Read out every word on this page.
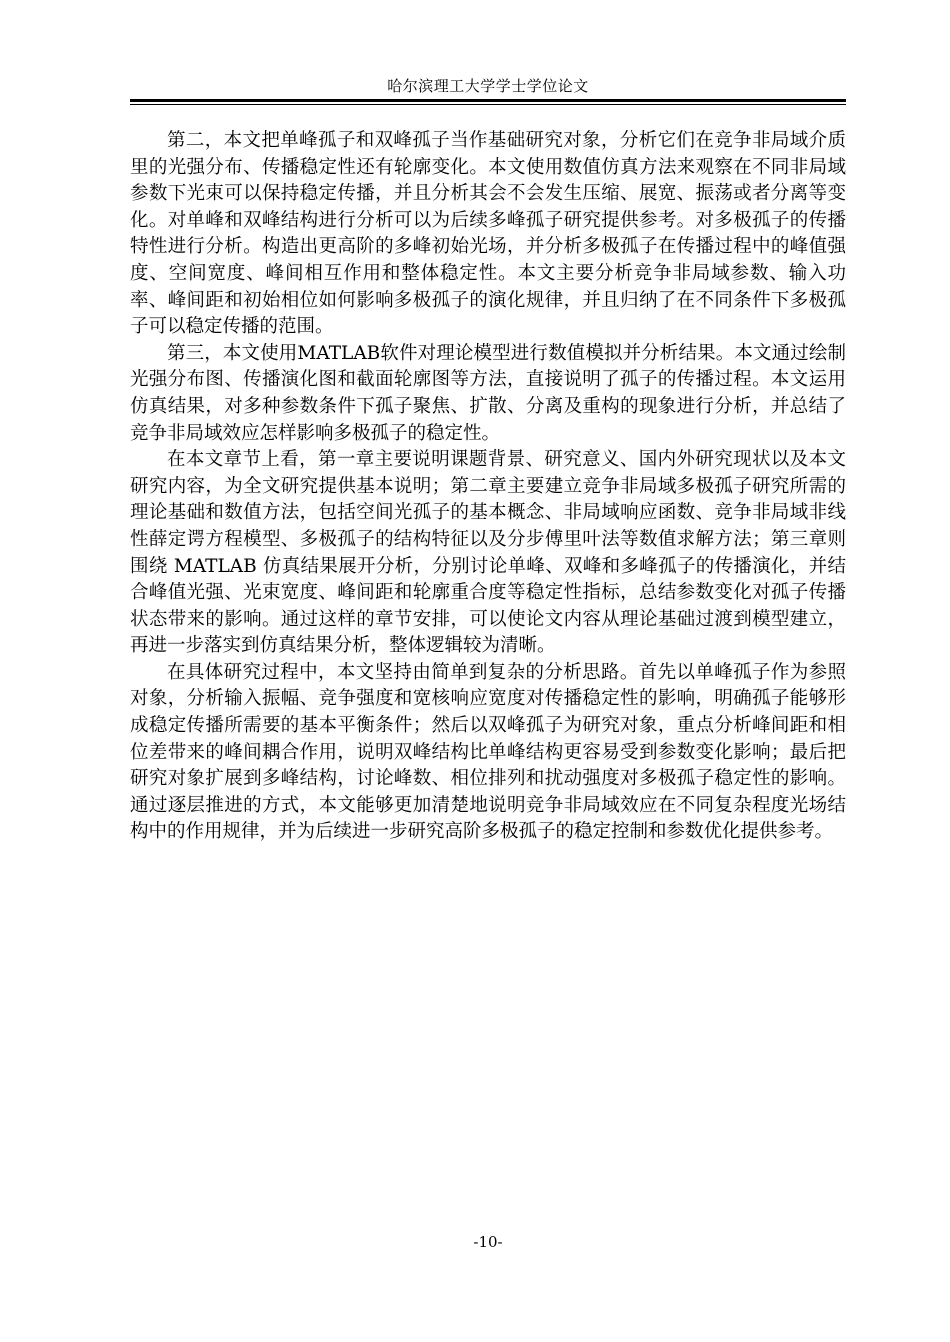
哈尔滨理工大学学士学位论文

第二，本文把单峰孤子和双峰孤子当作基础研究对象，分析它们在竞争非局域介质里的光强分布、传播稳定性还有轮廓变化。本文使用数值仿真方法来观察在不同非局域参数下光束可以保持稳定传播，并且分析其会不会发生压缩、展宽、振荡或者分离等变化。对单峰和双峰结构进行分析可以为后续多峰孤子研究提供参考。对多极孤子的传播特性进行分析。构造出更高阶的多峰初始光场，并分析多极孤子在传播过程中的峰值强度、空间宽度、峰间相互作用和整体稳定性。本文主要分析竞争非局域参数、输入功率、峰间距和初始相位如何影响多极孤子的演化规律，并且归纳了在不同条件下多极孤子可以稳定传播的范围。

第三，本文使用MATLAB软件对理论模型进行数值模拟并分析结果。本文通过绘制光强分布图、传播演化图和截面轮廓图等方法，直接说明了孤子的传播过程。本文运用仿真结果，对多种参数条件下孤子聚焦、扩散、分离及重构的现象进行分析，并总结了竞争非局域效应怎样影响多极孤子的稳定性。

在本文章节上看，第一章主要说明课题背景、研究意义、国内外研究现状以及本文研究内容，为全文研究提供基本说明；第二章主要建立竞争非局域多极孤子研究所需的理论基础和数值方法，包括空间光孤子的基本概念、非局域响应函数、竞争非局域非线性薛定谔方程模型、多极孤子的结构特征以及分步傅里叶法等数值求解方法；第三章则围绕 MATLAB 仿真结果展开分析，分别讨论单峰、双峰和多峰孤子的传播演化，并结合峰值光强、光束宽度、峰间距和轮廓重合度等稳定性指标，总结参数变化对孤子传播状态带来的影响。通过这样的章节安排，可以使论文内容从理论基础过渡到模型建立，再进一步落实到仿真结果分析，整体逻辑较为清晰。

在具体研究过程中，本文坚持由简单到复杂的分析思路。首先以单峰孤子作为参照对象，分析输入振幅、竞争强度和宽核响应宽度对传播稳定性的影响，明确孤子能够形成稳定传播所需要的基本平衡条件；然后以双峰孤子为研究对象，重点分析峰间距和相位差带来的峰间耦合作用，说明双峰结构比单峰结构更容易受到参数变化影响；最后把研究对象扩展到多峰结构，讨论峰数、相位排列和扰动强度对多极孤子稳定性的影响。通过逐层推进的方式，本文能够更加清楚地说明竞争非局域效应在不同复杂程度光场结构中的作用规律，并为后续进一步研究高阶多极孤子的稳定控制和参数优化提供参考。

-10-
